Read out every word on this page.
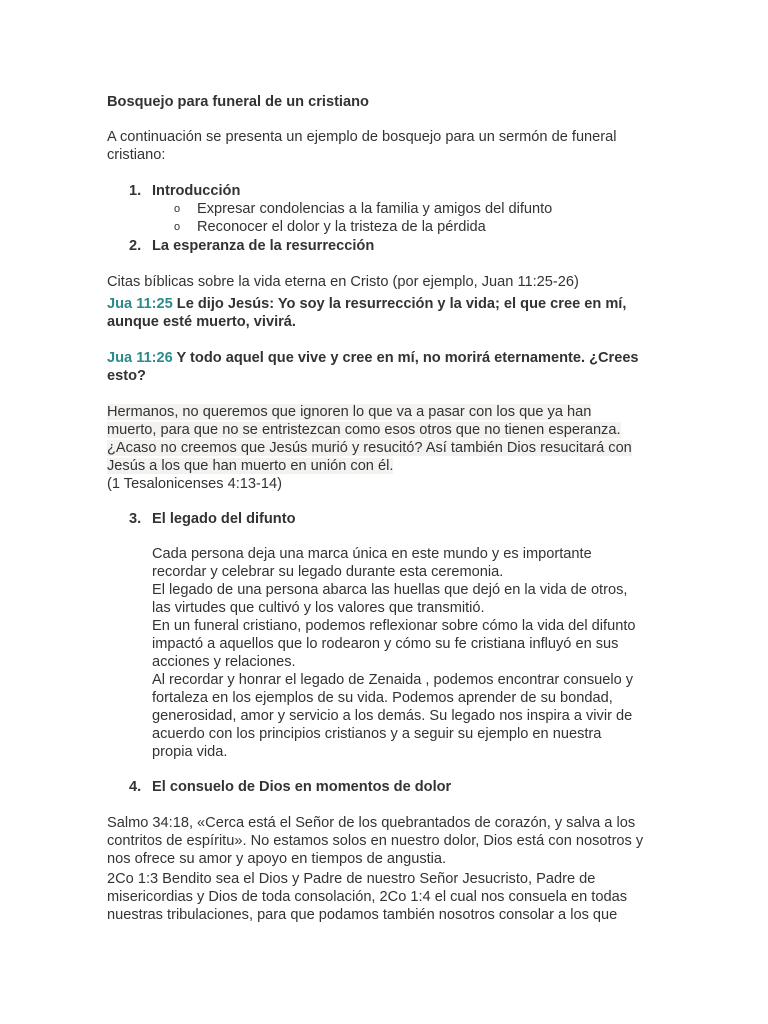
Bosquejo para funeral de un cristiano

A continuación se presenta un ejemplo de bosquejo para un sermón de funeral

cristiano:

1. Introducción
o Expresar condolencias a la familia y amigos del difunto
o Reconocer el dolor y la tristeza de la pérdida
2. La esperanza de la resurrección
Citas bíblicas sobre la vida eterna en Cristo (por ejemplo, Juan 11:25-26)

Jua 11:25 Le dijo Jesús: Yo soy la resurrección y la vida; el que cree en mí,

aunque esté muerto, vivirá.

Jua 11:26 Y todo aquel que vive y cree en mí, no morirá eternamente. ¿Crees

esto?

Hermanos, no queremos que ignoren lo que va a pasar con los que ya han

muerto, para que no se entristezcan como esos otros que no tienen esperanza.

¿Acaso no creemos que Jesús murió y resucitó? Así también Dios resucitará con

Jesús a los que han muerto en unión con él.

(1 Tesalonicenses 4:13-14)

3. El legado del difunto

Cada persona deja una marca única en este mundo y es importante

recordar y celebrar su legado durante esta ceremonia.

El legado de una persona abarca las huellas que dejó en la vida de otros,

las virtudes que cultivó y los valores que transmitió.

En un funeral cristiano, podemos reflexionar sobre cómo la vida del difunto

impactó a aquellos que lo rodearon y cómo su fe cristiana influyó en sus

acciones y relaciones.

Al recordar y honrar el legado de Zenaida , podemos encontrar consuelo y

fortaleza en los ejemplos de su vida. Podemos aprender de su bondad,

generosidad, amor y servicio a los demás. Su legado nos inspira a vivir de

acuerdo con los principios cristianos y a seguir su ejemplo en nuestra

propia vida.

4. El consuelo de Dios en momentos de dolor

Salmo 34:18, «Cerca está el Señor de los quebrantados de corazón, y salva a los

contritos de espíritu». No estamos solos en nuestro dolor, Dios está con nosotros y

nos ofrece su amor y apoyo en tiempos de angustia.

2Co 1:3 Bendito sea el Dios y Padre de nuestro Señor Jesucristo, Padre de

misericordias y Dios de toda consolación, 2Co 1:4 el cual nos consuela en todas

nuestras tribulaciones, para que podamos también nosotros consolar a los que
